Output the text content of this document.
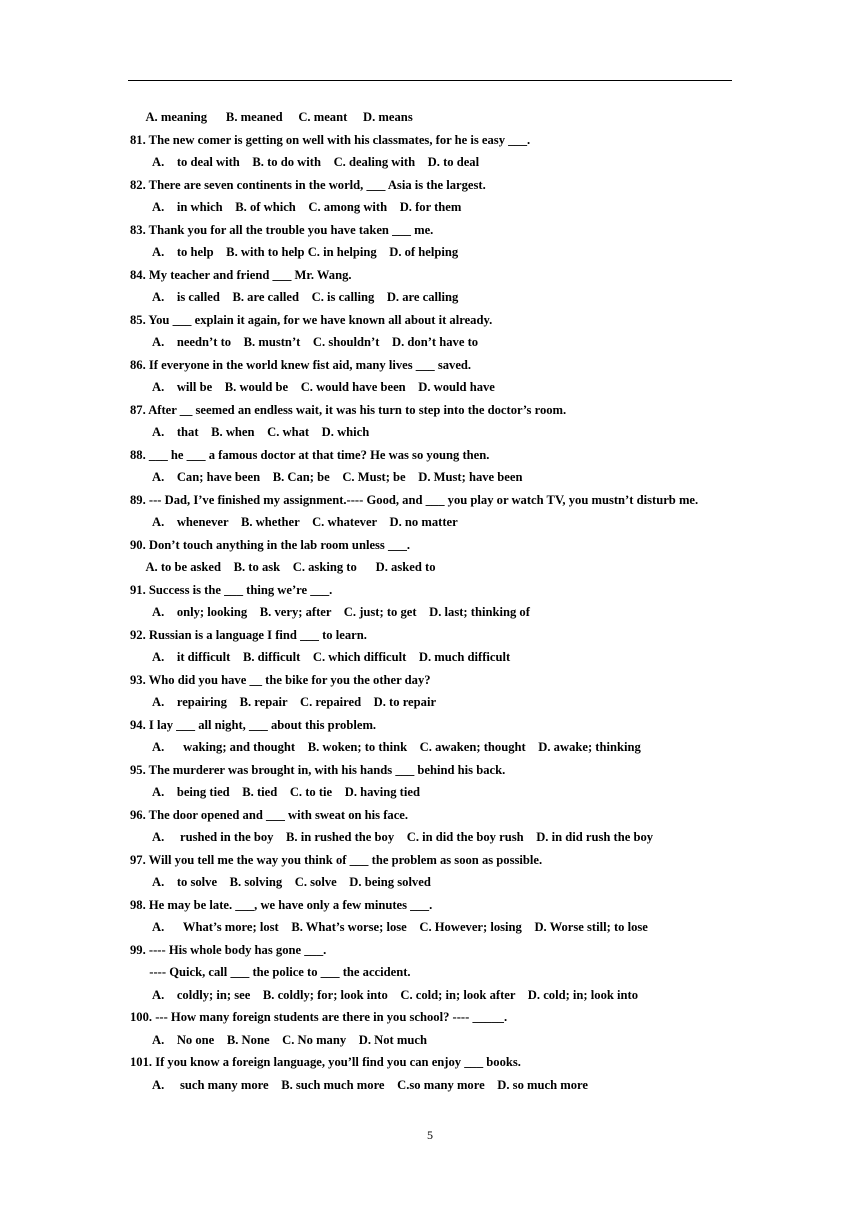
A. meaning      B. meaned     C. meant     D. means
81. The new comer is getting on well with his classmates, for he is easy ___.
A.    to deal with    B. to do with    C. dealing with    D. to deal
82. There are seven continents in the world, ___ Asia is the largest.
A.    in which    B. of which    C. among with    D. for them
83. Thank you for all the trouble you have taken ___ me.
A.    to help    B. with to help C. in helping    D. of helping
84. My teacher and friend ___ Mr. Wang.
A.    is called    B. are called    C. is calling    D. are calling
85. You ___ explain it again, for we have known all about it already.
A.    needn’t to    B. mustn’t    C. shouldn’t    D. don’t have to
86. If everyone in the world knew fist aid, many lives ___ saved.
A.    will be    B. would be    C. would have been    D. would have
87. After __ seemed an endless wait, it was his turn to step into the doctor’s room.
A.    that    B. when    C. what    D. which
88. ___ he ___ a famous doctor at that time? He was so young then.
A.    Can; have been    B. Can; be    C. Must; be    D. Must; have been
89. --- Dad, I’ve finished my assignment.---- Good, and ___ you play or watch TV, you mustn’t disturb me.
A.    whenever    B. whether    C. whatever    D. no matter
90. Don’t touch anything in the lab room unless ___.
A. to be asked    B. to ask    C. asking to      D. asked to
91. Success is the ___ thing we’re ___.
A.    only; looking    B. very; after    C. just; to get    D. last; thinking of
92. Russian is a language I find ___ to learn.
A.    it difficult    B. difficult    C. which difficult    D. much difficult
93. Who did you have __ the bike for you the other day?
A.    repairing    B. repair    C. repaired    D. to repair
94. I lay ___ all night, ___ about this problem.
A.      waking; and thought    B. woken; to think    C. awaken; thought    D. awake; thinking
95. The murderer was brought in, with his hands ___ behind his back.
A.    being tied    B. tied    C. to tie    D. having tied
96. The door opened and ___ with sweat on his face.
A.     rushed in the boy    B. in rushed the boy    C. in did the boy rush    D. in did rush the boy
97. Will you tell me the way you think of ___ the problem as soon as possible.
A.    to solve    B. solving    C. solve    D. being solved
98. He may be late. ___, we have only a few minutes ___.
A.      What’s more; lost    B. What’s worse; lose    C. However; losing    D. Worse still; to lose
99. ---- His whole body has gone ___.
---- Quick, call ___ the police to ___ the accident.
A.    coldly; in; see    B. coldly; for; look into    C. cold; in; look after    D. cold; in; look into
100. --- How many foreign students are there in you school? ---- _____.
A.    No one    B. None    C. No many    D. Not much
101. If you know a foreign language, you’ll find you can enjoy ___ books.
A.     such many more    B. such much more    C.so many more    D. so much more
5
